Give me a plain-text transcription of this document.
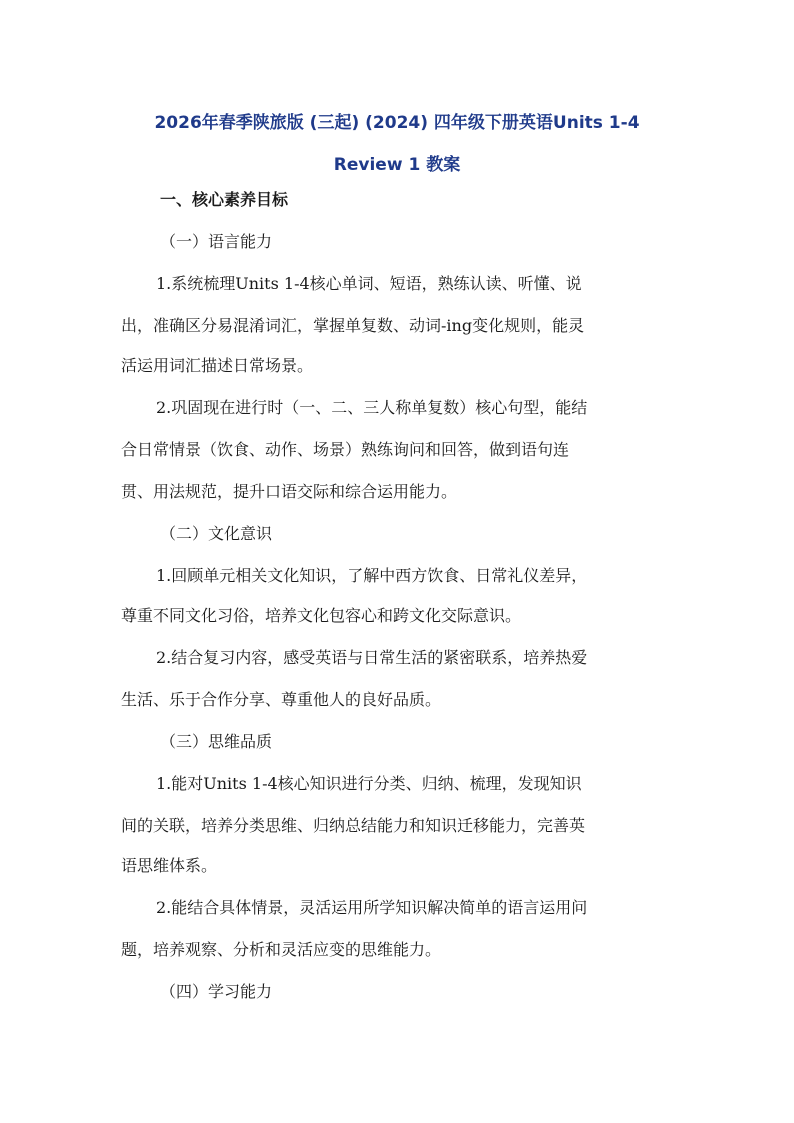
2026年春季陕旅版 (三起) (2024) 四年级下册英语Units 1-4
Review 1 教案
一、核心素养目标
（一）语言能力
1.系统梳理Units 1-4核心单词、短语，熟练认读、听懂、说
出，准确区分易混淆词汇，掌握单复数、动词-ing变化规则，能灵
活运用词汇描述日常场景。
2.巩固现在进行时（一、二、三人称单复数）核心句型，能结
合日常情景（饮食、动作、场景）熟练询问和回答，做到语句连
贯、用法规范，提升口语交际和综合运用能力。
（二）文化意识
1.回顾单元相关文化知识，了解中西方饮食、日常礼仪差异，
尊重不同文化习俗，培养文化包容心和跨文化交际意识。
2.结合复习内容，感受英语与日常生活的紧密联系，培养热爱
生活、乐于合作分享、尊重他人的良好品质。
（三）思维品质
1.能对Units 1-4核心知识进行分类、归纳、梳理，发现知识
间的关联，培养分类思维、归纳总结能力和知识迁移能力，完善英
语思维体系。
2.能结合具体情景，灵活运用所学知识解决简单的语言运用问
题，培养观察、分析和灵活应变的思维能力。
（四）学习能力
